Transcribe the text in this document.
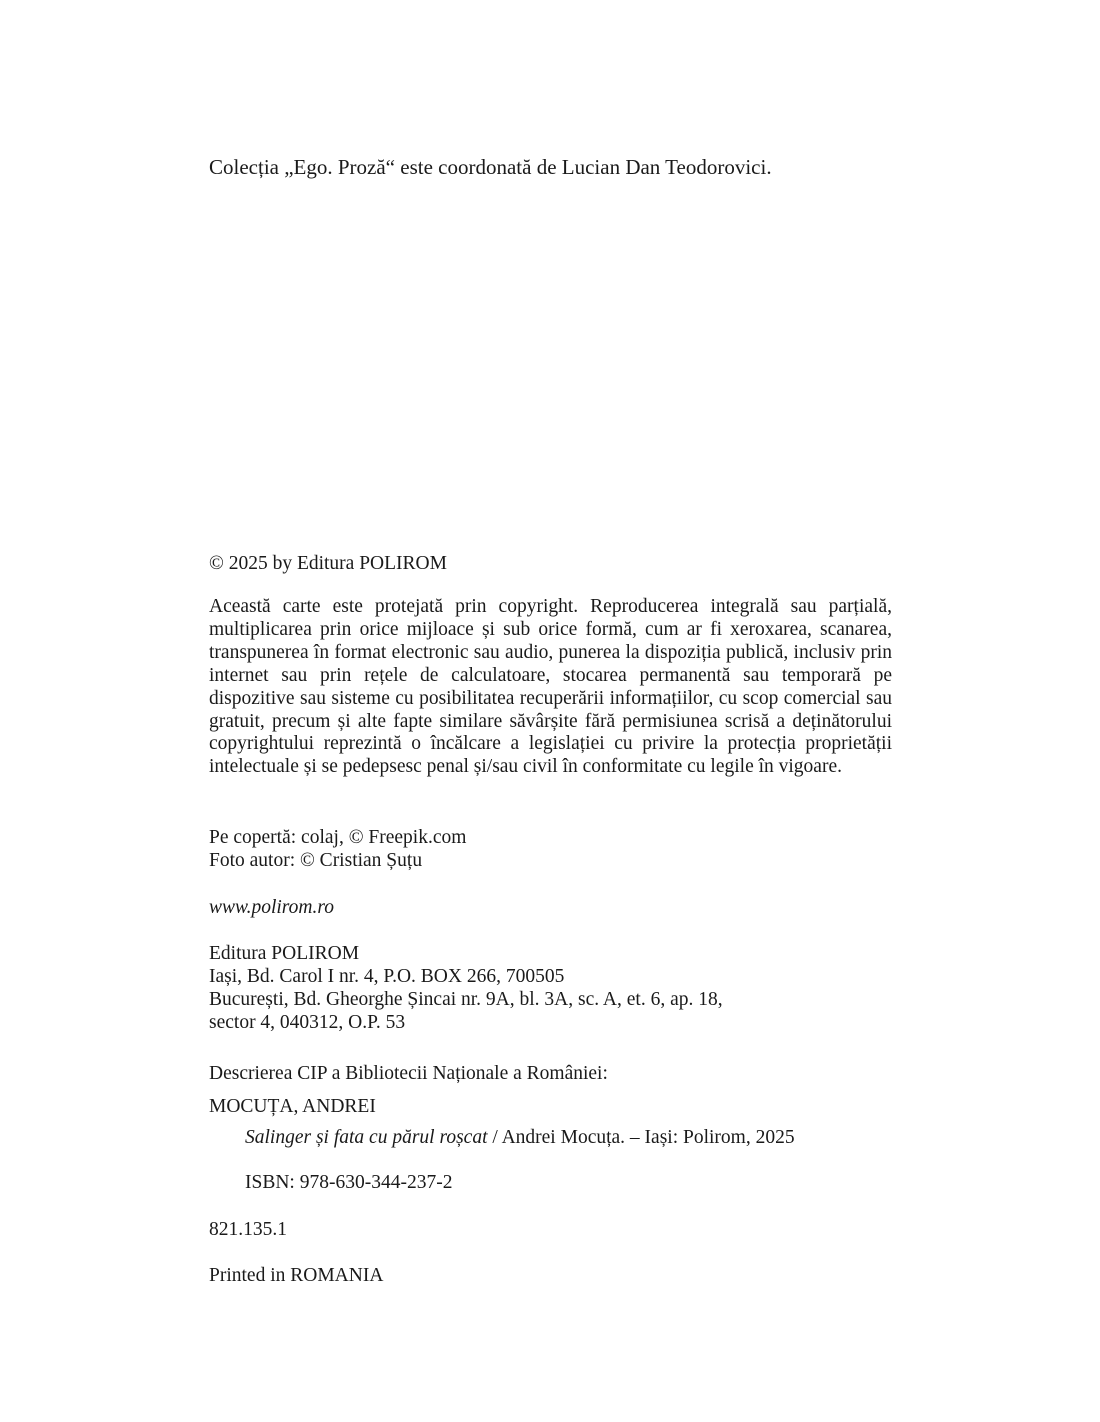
Colecția „Ego. Proză“ este coordonată de Lucian Dan Teodorovici.

© 2025 by Editura POLIROM

Această carte este protejată prin copyright. Reproducerea integrală sau parțială, multiplicarea prin orice mijloace și sub orice formă, cum ar fi xeroxarea, scanarea, transpunerea în format electronic sau audio, punerea la dispoziția publică, inclusiv prin internet sau prin rețele de calculatoare, stocarea permanentă sau temporară pe dispozitive sau sisteme cu posibilitatea recuperării informațiilor, cu scop comercial sau gratuit, precum și alte fapte similare săvârșite fără permisiunea scrisă a deținătorului copyrightului reprezintă o încălcare a legislației cu privire la protecția proprietății intelectuale și se pedepsesc penal și/sau civil în conformitate cu legile în vigoare.

Pe copertă: colaj, © Freepik.com
Foto autor: © Cristian Șuțu

www.polirom.ro

Editura POLIROM
Iași, Bd. Carol I nr. 4, P.O. BOX 266, 700505
București, Bd. Gheorghe Șincai nr. 9A, bl. 3A, sc. A, et. 6, ap. 18,
sector 4, 040312, O.P. 53

Descrierea CIP a Bibliotecii Naționale a României:

MOCUȚA, ANDREI

Salinger și fata cu părul roșcat / Andrei Mocuța. – Iași: Polirom, 2025

ISBN: 978-630-344-237-2

821.135.1

Printed in ROMANIA
